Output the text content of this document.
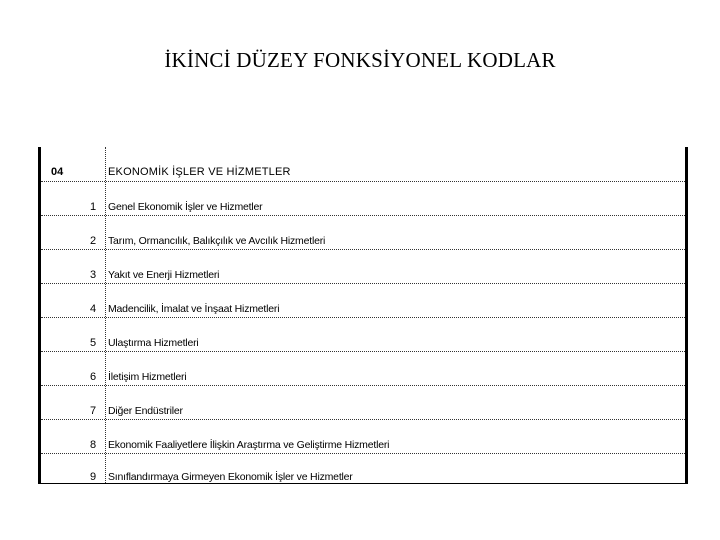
İKİNCİ DÜZEY FONKSİYONEL KODLAR
04	EKONOMİK İŞLER VE HİZMETLER
1 Genel Ekonomik İşler ve Hizmetler
2 Tarım, Ormancılık, Balıkçılık ve Avcılık Hizmetleri
3 Yakıt ve Enerji Hizmetleri
4 Madencilik, İmalat ve İnşaat Hizmetleri
5 Ulaştırma Hizmetleri
6 İletişim Hizmetleri
7 Diğer Endüstriler
8 Ekonomik Faaliyetlere İlişkin Araştırma ve Geliştirme Hizmetleri
9 Sınıflandırmaya Girmeyen Ekonomik İşler ve Hizmetler
